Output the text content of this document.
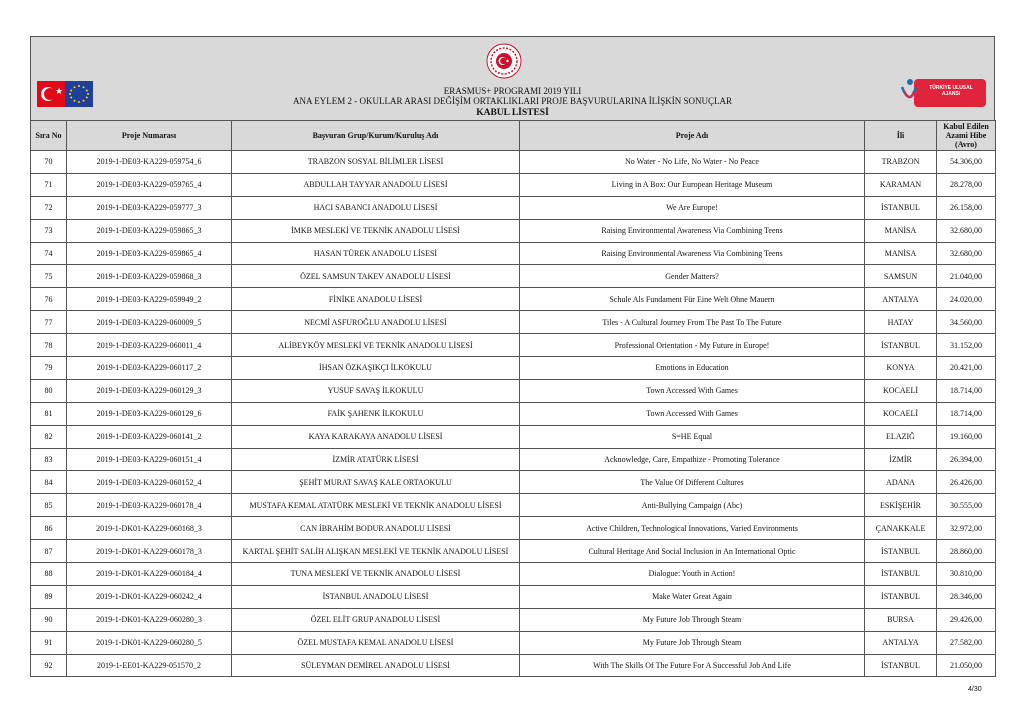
★	TÜRKİYE ULUSAL AJANSI
ERASMUS+ PROGRAMI 2019 YILI
ANA EYLEM 2 - OKULLAR ARASI DEĞİŞİM ORTAKLIKLARI PROJE BAŞVURULARINA İLİŞKİN SONUÇLAR
KABUL LİSTESİ
Sıra No	Proje Numarası	Başvuran Grup/Kurum/Kuruluş Adı	Proje Adı	İli	Kabul Edilen
Azami Hibe
(Avro)

70	2019-1-DE03-KA229-059754_6	TRABZON SOSYAL BİLİMLER LİSESİ	No Water - No Life, No Water - No Peace	TRABZON	54.306,00
71	2019-1-DE03-KA229-059765_4	ABDULLAH TAYYAR ANADOLU LİSESİ	Living in A Box: Our European Heritage Museum	KARAMAN	28.278,00
72	2019-1-DE03-KA229-059777_3	HACI SABANCI ANADOLU LİSESİ	We Are Europe!	İSTANBUL	26.158,00
73	2019-1-DE03-KA229-059865_3	İMKB MESLEKİ VE TEKNİK ANADOLU LİSESİ	Raising Environmental Awareness Via Combining Teens	MANİSA	32.680,00
74	2019-1-DE03-KA229-059865_4	HASAN TÜREK ANADOLU LİSESİ	Raising Environmental Awareness Via Combining Teens	MANİSA	32.680,00
75	2019-1-DE03-KA229-059868_3	ÖZEL SAMSUN TAKEV ANADOLU LİSESİ	Gender Matters?	SAMSUN	21.040,00
76	2019-1-DE03-KA229-059949_2	FİNİKE ANADOLU LİSESİ	Schule Als Fundament Für Eine Welt Ohne Mauern	ANTALYA	24.020,00
77	2019-1-DE03-KA229-060009_5	NECMİ ASFUROĞLU ANADOLU LİSESİ	Tiles - A Cultural Journey From The Past To The Future	HATAY	34.560,00
78	2019-1-DE03-KA229-060011_4	ALİBEYKÖY MESLEKİ VE TEKNİK ANADOLU LİSESİ	Professional Orientation - My Future in Europe!	İSTANBUL	31.152,00
79	2019-1-DE03-KA229-060117_2	İHSAN ÖZKAŞIKÇI İLKOKULU	Emotions in Education	KONYA	20.421,00
80	2019-1-DE03-KA229-060129_3	YUSUF SAVAŞ İLKOKULU	Town Accessed With Games	KOCAELİ	18.714,00
81	2019-1-DE03-KA229-060129_6	FAİK ŞAHENK İLKOKULU	Town Accessed With Games	KOCAELİ	18.714,00
82	2019-1-DE03-KA229-060141_2	KAYA KARAKAYA ANADOLU LİSESİ	S=HE Equal	ELAZIĞ	19.160,00
83	2019-1-DE03-KA229-060151_4	İZMİR ATATÜRK LİSESİ	Acknowledge, Care, Empathize - Promoting Tolerance	İZMİR	26.394,00
84	2019-1-DE03-KA229-060152_4	ŞEHİT MURAT SAVAŞ KALE ORTAOKULU	The Value Of Different Cultures	ADANA	26.426,00
85	2019-1-DE03-KA229-060178_4	MUSTAFA KEMAL ATATÜRK MESLEKİ VE TEKNİK ANADOLU LİSESİ	Anti-Bullying Campaign (Abc)	ESKİŞEHİR	30.555,00
86	2019-1-DK01-KA229-060168_3	CAN İBRAHİM BODUR ANADOLU LİSESİ	Active Children, Technological Innovations, Varied Environments	ÇANAKKALE	32.972,00
87	2019-1-DK01-KA229-060178_3	KARTAL ŞEHİT SALİH ALIŞKAN MESLEKİ VE TEKNİK ANADOLU LİSESİ	Cultural Heritage And Social Inclusion in An International Optic	İSTANBUL	28.860,00
88	2019-1-DK01-KA229-060184_4	TUNA MESLEKİ VE TEKNİK ANADOLU LİSESİ	Dialogue: Youth in Action!	İSTANBUL	30.810,00
89	2019-1-DK01-KA229-060242_4	İSTANBUL ANADOLU LİSESİ	Make Water Great Again	İSTANBUL	28.346,00
90	2019-1-DK01-KA229-060280_3	ÖZEL ELİT GRUP ANADOLU LİSESİ	My Future Job Through Steam	BURSA	29.426,00
91	2019-1-DK01-KA229-060280_5	ÖZEL MUSTAFA KEMAL ANADOLU LİSESİ	My Future Job Through Steam	ANTALYA	27.582,00
92	2019-1-EE01-KA229-051570_2	SÜLEYMAN DEMİREL ANADOLU LİSESİ	With The Skills Of The Future For A Successful Job And Life	İSTANBUL	21.050,00
4/30
